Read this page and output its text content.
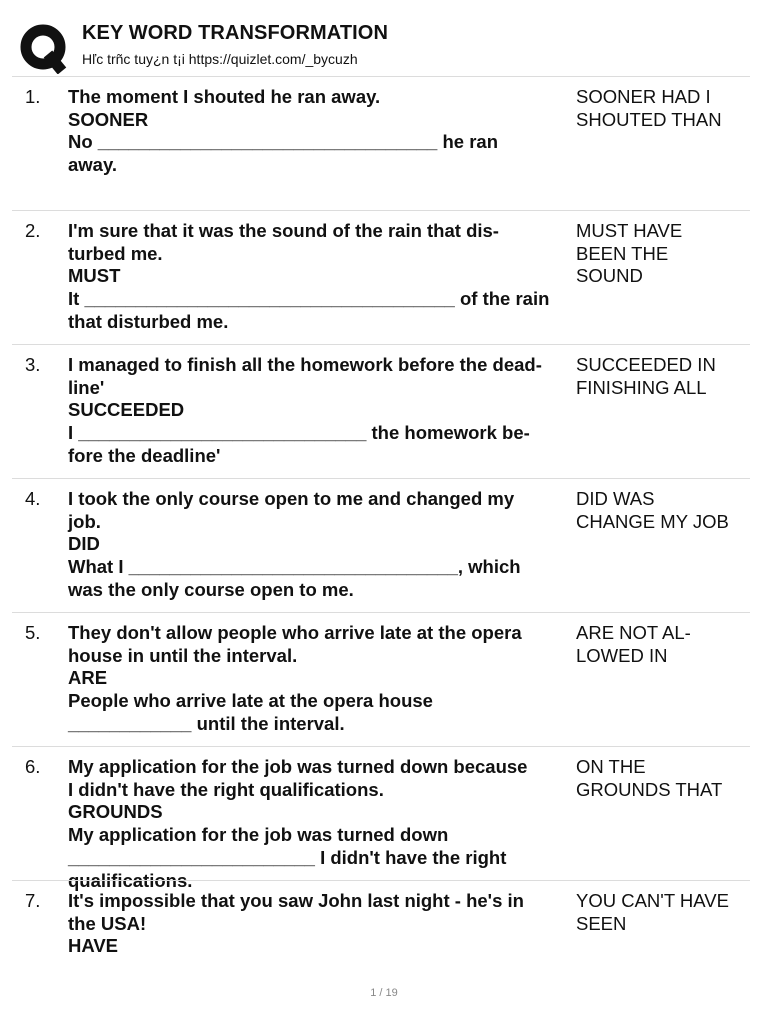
KEY WORD TRANSFORMATION
Hľc trñc tuy¿n t¡i https://quizlet.com/_bycuzh
1. The moment I shouted he ran away.
SOONER
No _________________________________ he ran
away.
SOONER HAD I
SHOUTED THAN
2. I'm sure that it was the sound of the rain that dis-
turbed me.
MUST
It ____________________________________ of the rain
that disturbed me.
MUST HAVE
BEEN THE
SOUND
3. I managed to finish all the homework before the dead-
line'
SUCCEEDED
I ____________________________ the homework be-
fore the deadline'
SUCCEEDED IN
FINISHING ALL
4. I took the only course open to me and changed my
job.
DID
What I ________________________________, which
was the only course open to me.
DID WAS
CHANGE MY JOB
5. They don't allow people who arrive late at the opera
house in until the interval.
ARE
People who arrive late at the opera house
____________ until the interval.
ARE NOT AL-
LOWED IN
6. My application for the job was turned down because
I didn't have the right qualifications.
GROUNDS
My application for the job was turned down
________________________ I didn't have the right
qualifications.
ON THE
GROUNDS THAT
7. It's impossible that you saw John last night - he's in
the USA!
HAVE
YOU CAN'T HAVE
SEEN
1 / 19
